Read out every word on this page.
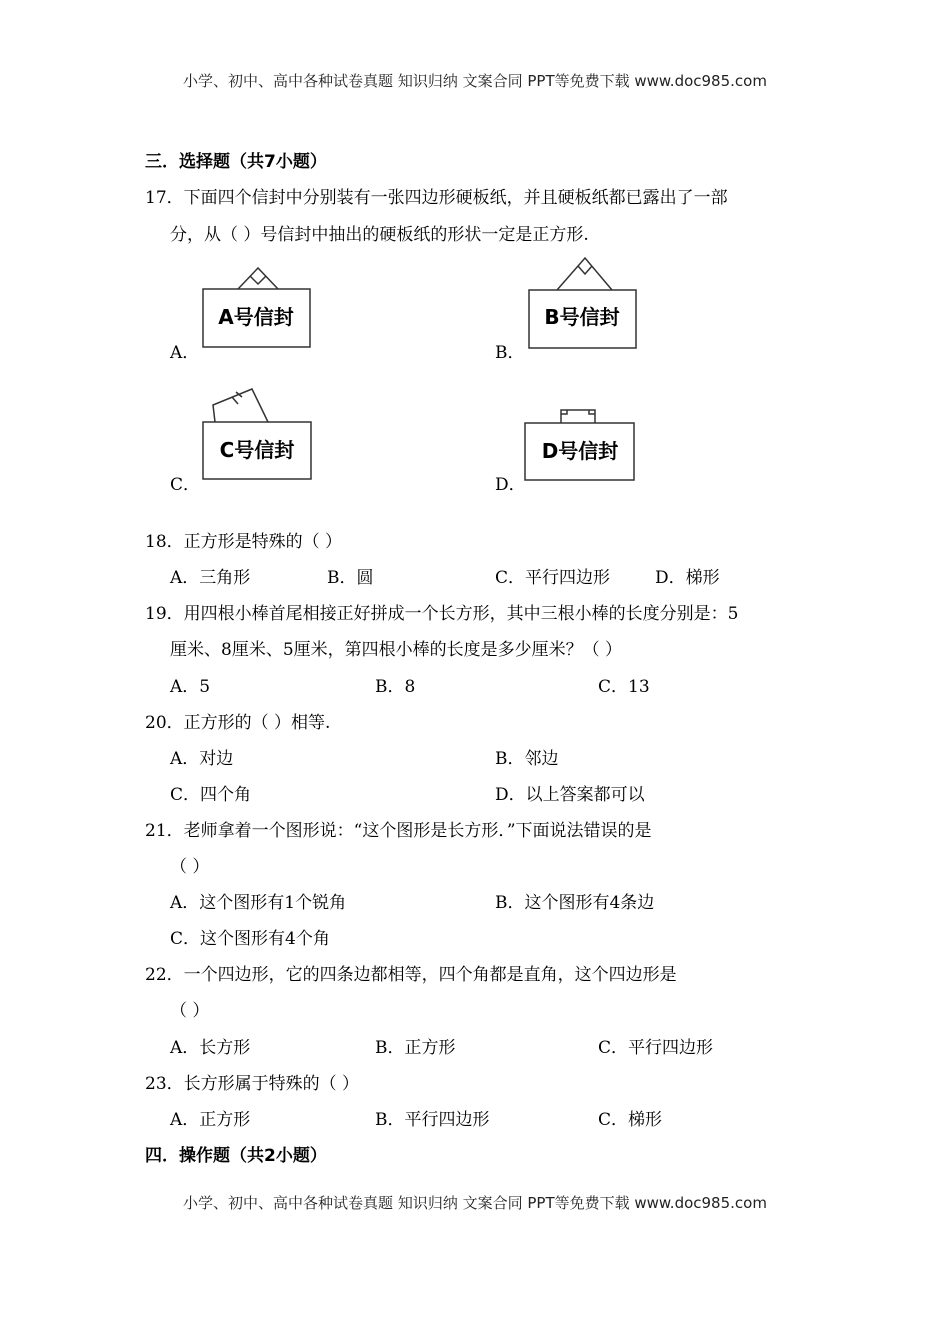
小学、初中、高中各种试卷真题 知识归纳 文案合同 PPT等免费下载 www.doc985.com
三．选择题（共7小题）
17．下面四个信封中分别装有一张四边形硬板纸，并且硬板纸都已露出了一部
分，从（ ）号信封中抽出的硬板纸的形状一定是正方形.
A．	B．
C．	D．
A号信封	B号信封
C号信封	D号信封
18．正方形是特殊的（ ）
A．三角形	B．圆	C．平行四边形	D．梯形
19．用四根小棒首尾相接正好拼成一个长方形，其中三根小棒的长度分别是：5
厘米、8厘米、5厘米，第四根小棒的长度是多少厘米？（ ）
A．5	B．8	C．13
20．正方形的（ ）相等.
A．对边	B．邻边
C．四个角	D．以上答案都可以
21．老师拿着一个图形说：“这个图形是长方形．”下面说法错误的是
（ ）
A．这个图形有1个锐角	B．这个图形有4条边
C．这个图形有4个角
22．一个四边形，它的四条边都相等，四个角都是直角，这个四边形是
（ ）
A．长方形	B．正方形	C．平行四边形
23．长方形属于特殊的（ ）
A．正方形	B．平行四边形	C．梯形
四．操作题（共2小题）
小学、初中、高中各种试卷真题 知识归纳 文案合同 PPT等免费下载 www.doc985.com
